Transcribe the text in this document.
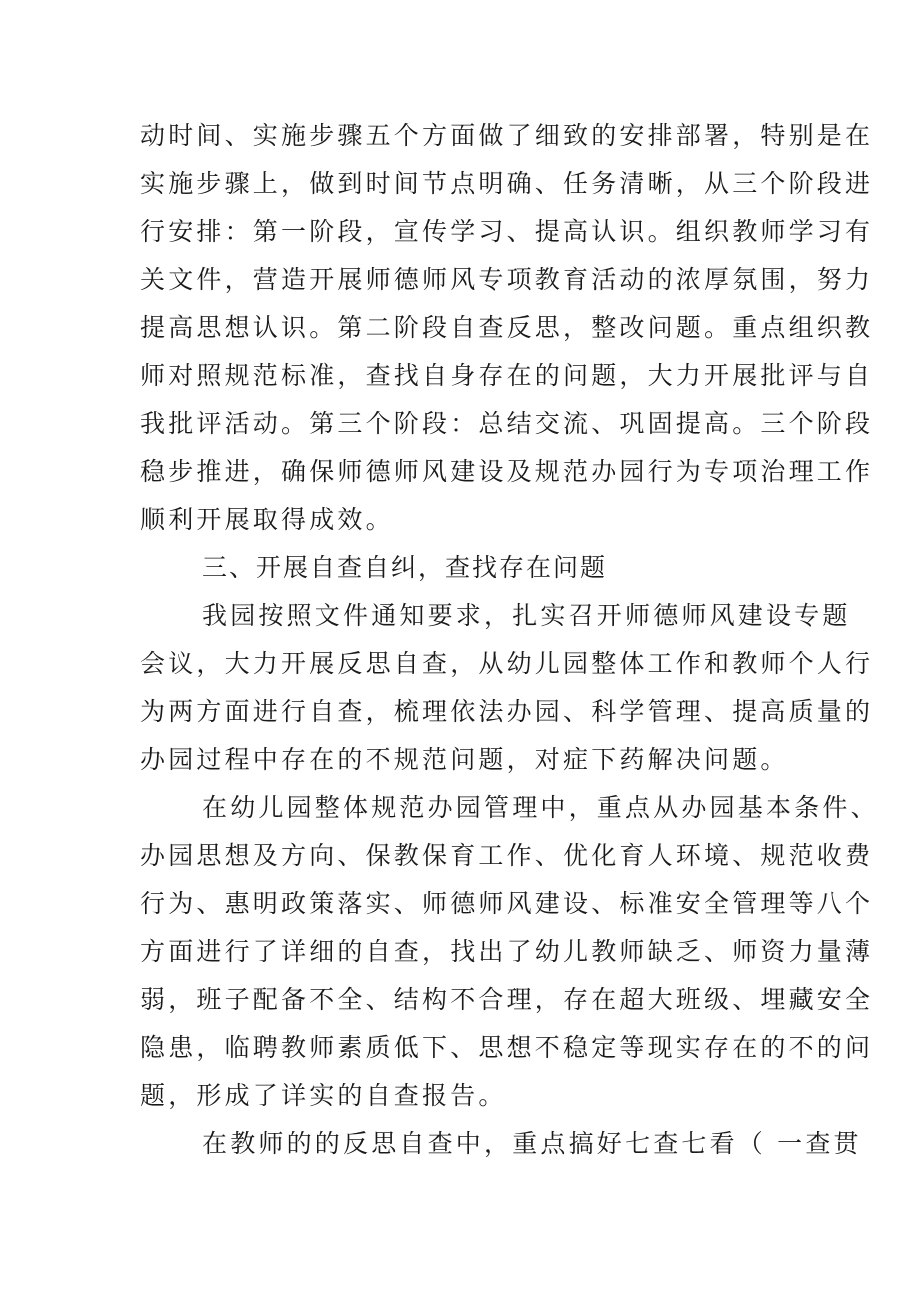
动时间、实施步骤五个方面做了细致的安排部署，特别是在
实施步骤上，做到时间节点明确、任务清晰，从三个阶段进
行安排：第一阶段，宣传学习、提高认识。组织教师学习有
关文件，营造开展师德师风专项教育活动的浓厚氛围，努力
提高思想认识。第二阶段自查反思，整改问题。重点组织教
师对照规范标准，查找自身存在的问题，大力开展批评与自
我批评活动。第三个阶段：总结交流、巩固提高。三个阶段
稳步推进，确保师德师风建设及规范办园行为专项治理工作
顺利开展取得成效。
三、开展自查自纠，查找存在问题
我园按照文件通知要求，扎实召开师德师风建设专题
会议，大力开展反思自查，从幼儿园整体工作和教师个人行
为两方面进行自查，梳理依法办园、科学管理、提高质量的
办园过程中存在的不规范问题，对症下药解决问题。
在幼儿园整体规范办园管理中，重点从办园基本条件、
办园思想及方向、保教保育工作、优化育人环境、规范收费
行为、惠明政策落实、师德师风建设、标准安全管理等八个
方面进行了详细的自查，找出了幼儿教师缺乏、师资力量薄
弱，班子配备不全、结构不合理，存在超大班级、埋藏安全
隐患，临聘教师素质低下、思想不稳定等现实存在的不的问
题，形成了详实的自查报告。
在教师的的反思自查中，重点搞好七查七看（ 一查贯
